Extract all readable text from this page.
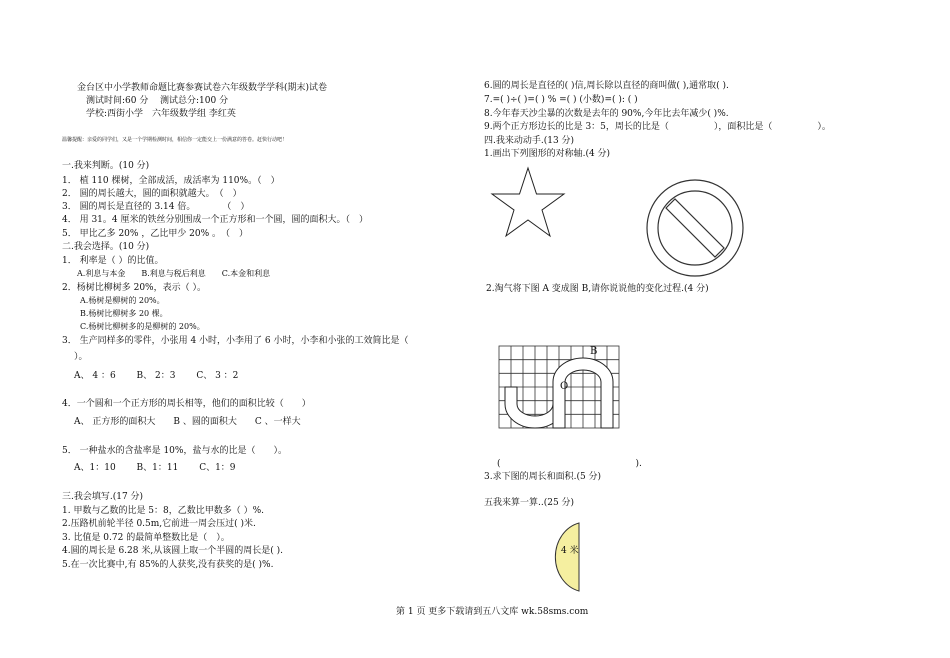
金台区中小学教师命题比赛参赛试卷六年级数学学科(期末)试卷
测试时间:60 分 测试总分:100 分
学校:西街小学　六年级数学组 李红英
温馨提醒：亲爱的同学们，又是一个学期检测时间，相信你一定能交上一份满意的答卷。赶快行动吧！
一.我来判断。(10 分)
1． 植 110 棵树，全部成活，成活率为 110%。（　）
2． 圆的周长越大，圆的面积就越大。　（　）
3． 圆的周长是直径的 3.14 倍。　　　　（　）
4． 用 31。4 厘米的铁丝分别围成一个正方形和一个圆，圆的面积大。（　）
5． 甲比乙多 20% ，乙比甲少 20% 。　（　）
二.我会选择。(10 分)
1． 利率是（ ）的比值。
A.利息与本金　　B.利息与税后利息　　C.本金和利息
2．杨树比柳树多 20%，表示（ ）。
A.杨树是柳树的 20%。
B.杨树比柳树多 20 棵。
C.杨树比柳树多的是柳树的 20%。
3． 生产同样多的零件，小张用 4 小时，小李用了 6 小时，小李和小张的工效简比是（
）。
A、 4 ：6　　 B、 2：3　　 C、 3 ：2
4．一个圆和一个正方形的周长相等，他们的面积比较（　　）
A、 正方形的面积大　　B 、圆的面积大　　C 、一样大
5． 一种盐水的含盐率是 10%，盐与水的比是（　　）。
A、1：10　　 B、1：11　　 C、1：9
三.我会填写.(17 分)
1. 甲数与乙数的比是 5：8，乙数比甲数多（ ）%.
2.压路机前轮半径 0.5m,它前进一周会压过( )米.
3. 比值是 0.72 的最简单整数比是（　）。
4.圆的周长是 6.28 米,从该圆上取一个半圆的周长是( ).
5.在一次比赛中,有 85%的人获奖,没有获奖的是( )%.
6.圆的周长是直径的( )信,周长除以直径的商叫做( ),通常取( ).
7.=( )÷( )=( ) % =( ) (小数)=( ): ( )
8.今年春天沙尘暴的次数是去年的 90%,今年比去年减少( )%.
9.两个正方形边长的比是 3：5，周长的比是（　　　　　），面积比是（　　　　　）。
四.我来动动手.(13 分)
1.画出下列图形的对称轴.(4 分)
2.淘气将下图 A 变成图 B,请你说说他的变化过程.(4 分)
B
O
(　　　　　　　　　　　　　　　).
3.求下图的周长和面积.(5 分)
五我来算一算..(25 分)
4 米
第 1 页 更多下载请到五八文库 wk.58sms.com
